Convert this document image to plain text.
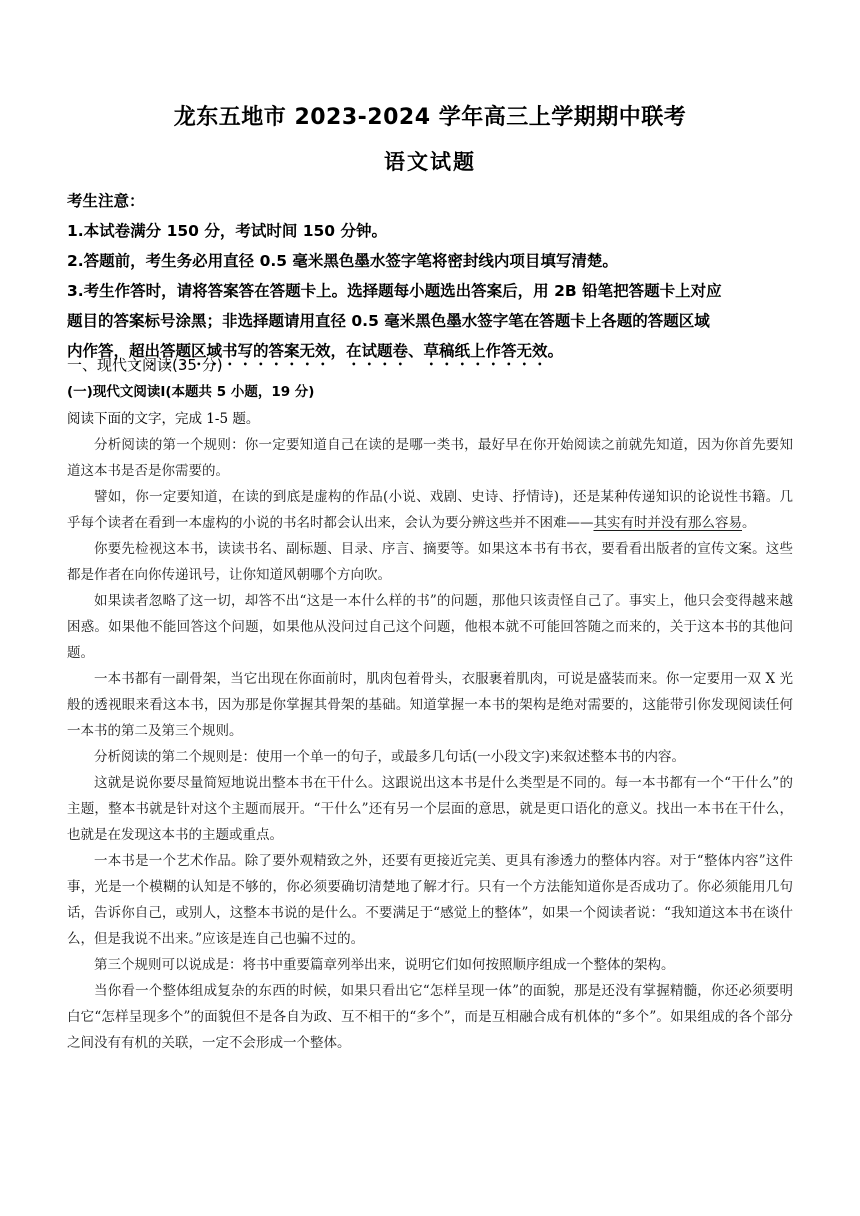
龙东五地市 2023-2024 学年高三上学期期中联考
语文试题
考生注意：
1.本试卷满分 150 分，考试时间 150 分钟。
2.答题前，考生务必用直径 0.5 毫米黑色墨水签字笔将密封线内项目填写清楚。
3.考生作答时，请将答案答在答题卡上。选择题每小题选出答案后，用 2B 铅笔把答题卡上对应
题目的答案标号涂黑；非选择题请用直径 0.5 毫米黑色墨水签字笔在答题卡上各题的答题区域
内作答，超出答题区域书写的答案无效，在试题卷、草稿纸上作答无效。
一、现代文阅读(35 分)
(一)现代文阅读Ⅰ(本题共 5 小题，19 分)
阅读下面的文字，完成 1-5 题。

分析阅读的第一个规则：你一定要知道自己在读的是哪一类书，最好早在你开始阅读之前就先知道，因为你首先要知道这本书是否是你需要的。

譬如，你一定要知道，在读的到底是虚构的作品(小说、戏剧、史诗、抒情诗)，还是某种传递知识的论说性书籍。几乎每个读者在看到一本虚构的小说的书名时都会认出来，会认为要分辨这些并不困难——其实有时并没有那么容易。

你要先检视这本书，读读书名、副标题、目录、序言、摘要等。如果这本书有书衣，要看看出版者的宣传文案。这些都是作者在向你传递讯号，让你知道风朝哪个方向吹。

如果读者忽略了这一切，却答不出“这是一本什么样的书”的问题，那他只该责怪自己了。事实上，他只会变得越来越困惑。如果他不能回答这个问题，如果他从没问过自己这个问题，他根本就不可能回答随之而来的，关于这本书的其他问题。

一本书都有一副骨架，当它出现在你面前时，肌肉包着骨头，衣服裹着肌肉，可说是盛装而来。你一定要用一双 X 光般的透视眼来看这本书，因为那是你掌握其骨架的基础。知道掌握一本书的架构是绝对需要的，这能带引你发现阅读任何一本书的第二及第三个规则。

分析阅读的第二个规则是：使用一个单一的句子，或最多几句话(一小段文字)来叙述整本书的内容。

这就是说你要尽量简短地说出整本书在干什么。这跟说出这本书是什么类型是不同的。每一本书都有一个“干什么”的主题，整本书就是针对这个主题而展开。“干什么”还有另一个层面的意思，就是更口语化的意义。找出一本书在干什么，也就是在发现这本书的主题或重点。

一本书是一个艺术作品。除了要外观精致之外，还要有更接近完美、更具有渗透力的整体内容。对于“整体内容”这件事，光是一个模糊的认知是不够的，你必须要确切清楚地了解才行。只有一个方法能知道你是否成功了。你必须能用几句话，告诉你自己，或别人，这整本书说的是什么。不要满足于“感觉上的整体”，如果一个阅读者说：“我知道这本书在谈什么，但是我说不出来。”应该是连自己也骗不过的。

第三个规则可以说成是：将书中重要篇章列举出来，说明它们如何按照顺序组成一个整体的架构。

当你看一个整体组成复杂的东西的时候，如果只看出它“怎样呈现一体”的面貌，那是还没有掌握精髓，你还必须要明白它“怎样呈现多个”的面貌但不是各自为政、互不相干的“多个”，而是互相融合成有机体的“多个”。如果组成的各个部分之间没有有机的关联，一定不会形成一个整体。
